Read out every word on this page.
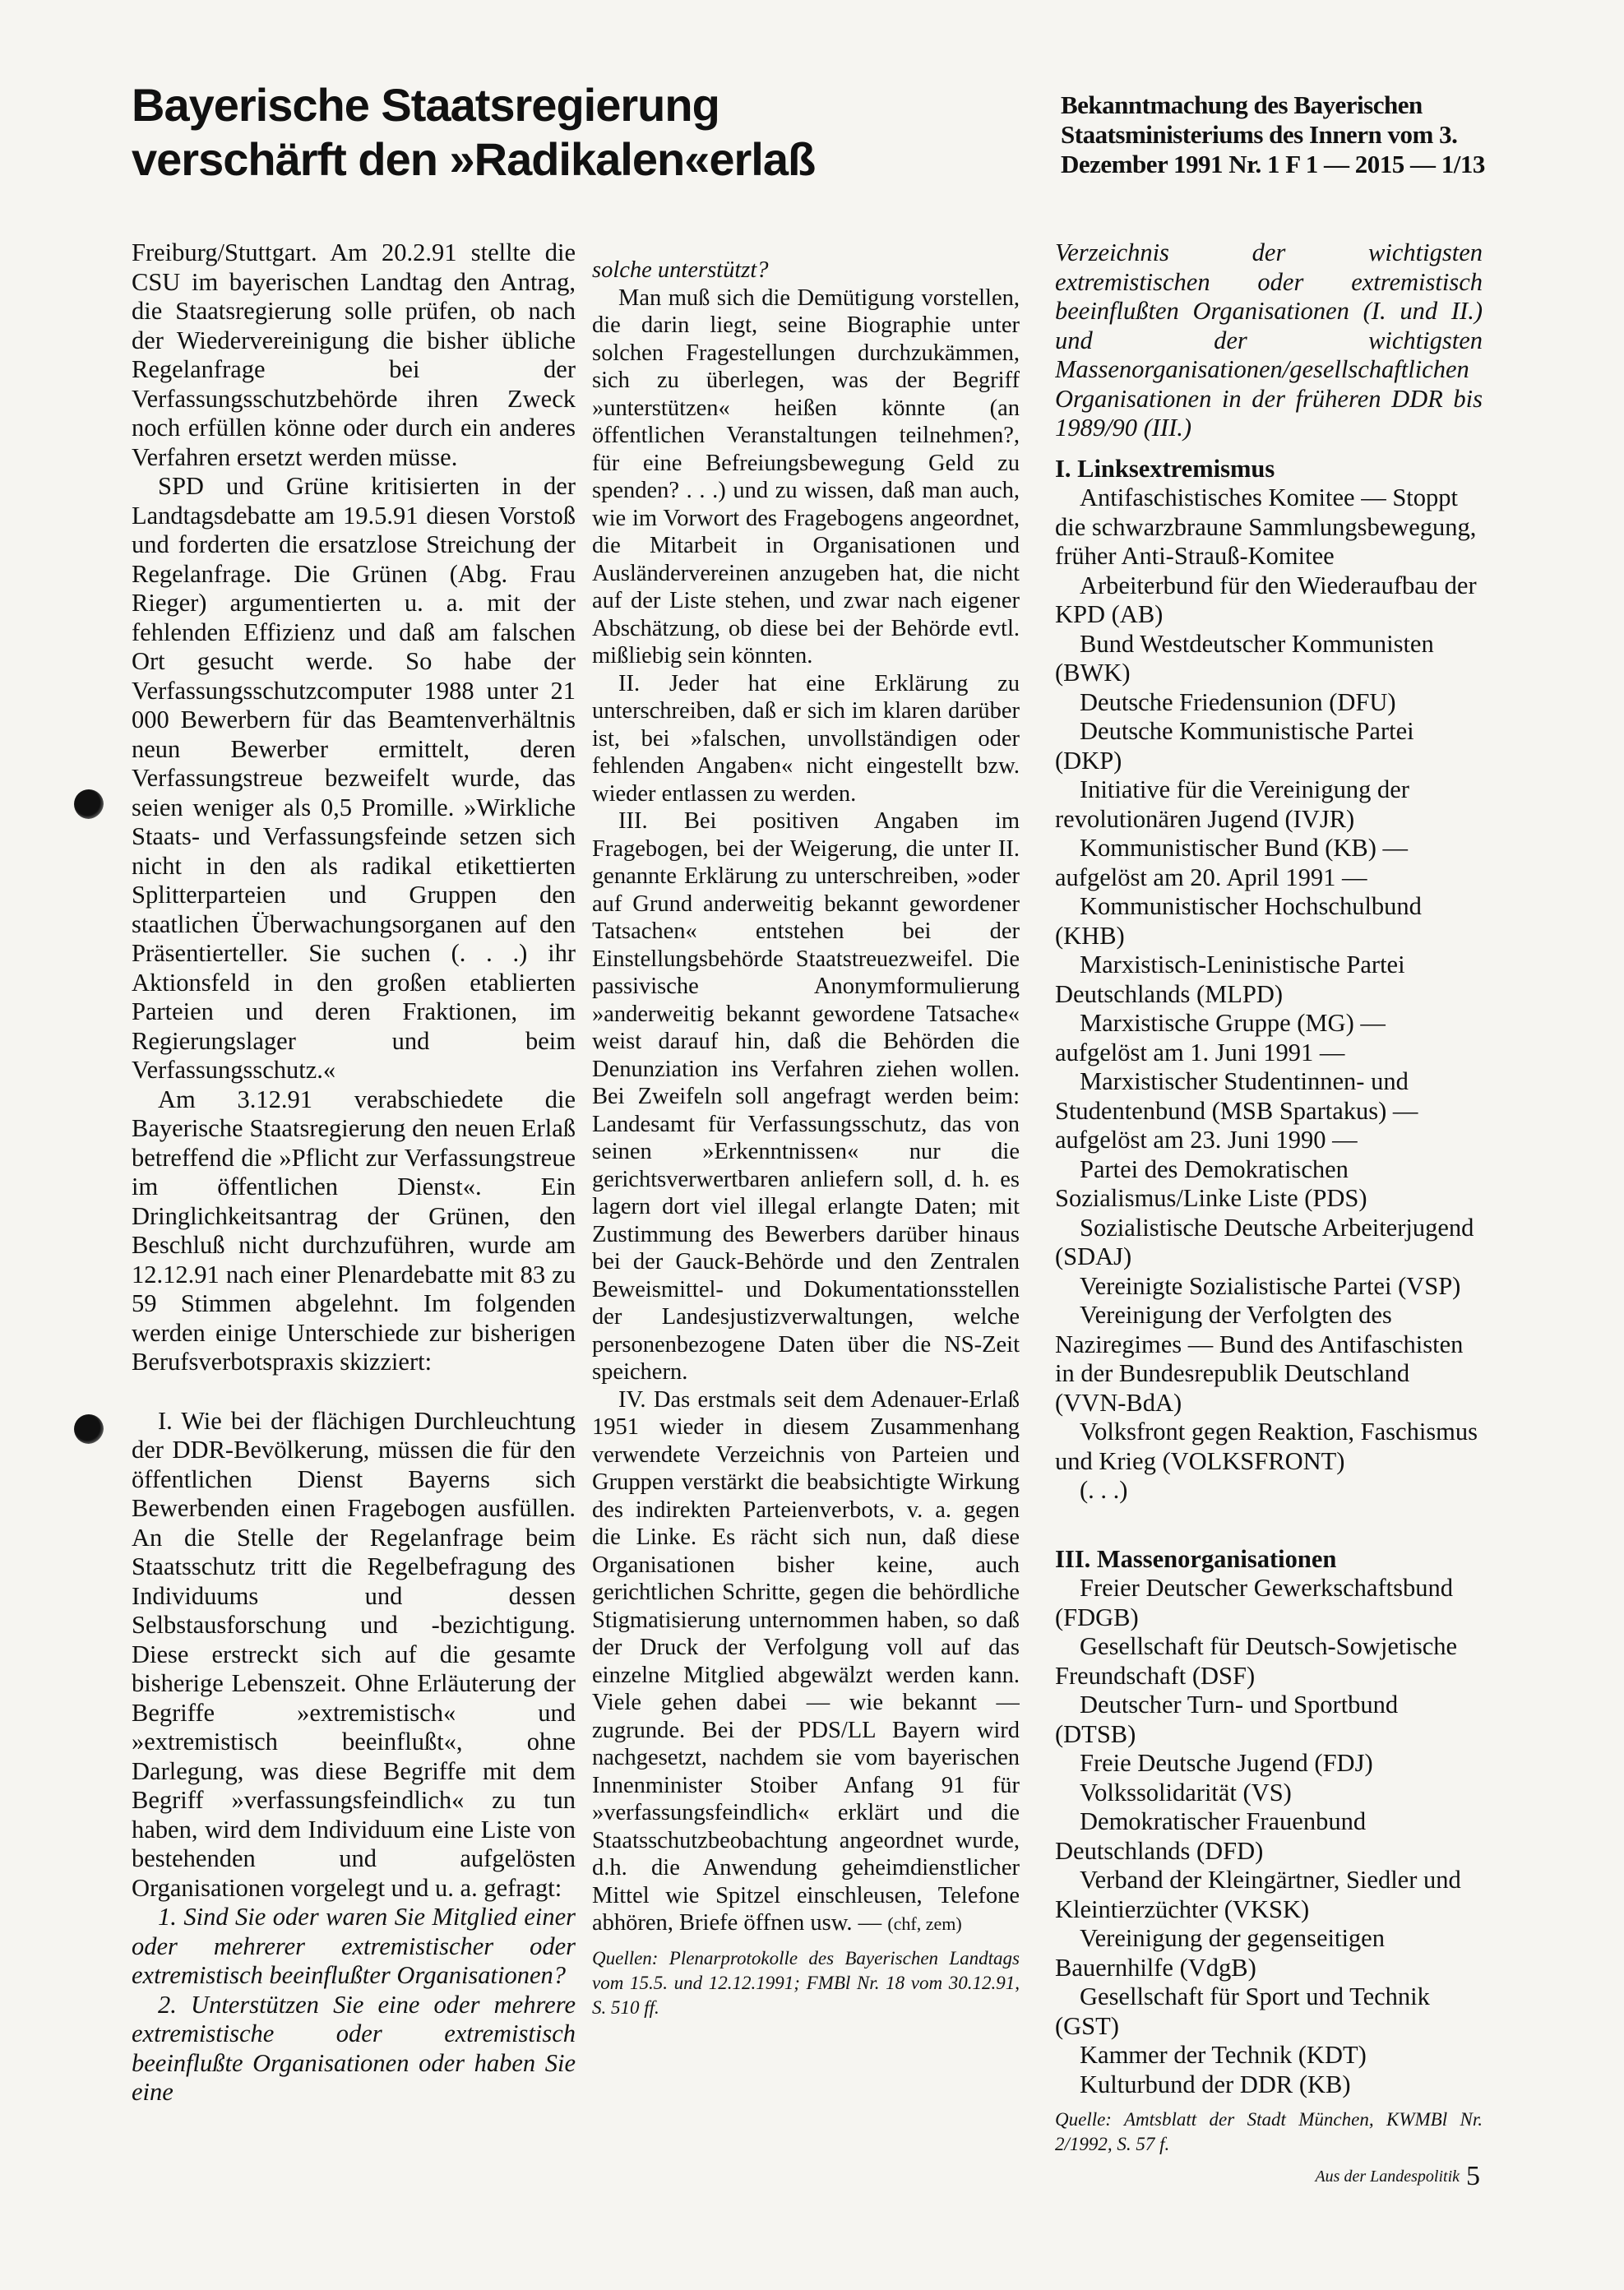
Bayerische Staatsregierung
verschärft den »Radikalen«erlaß
Bekanntmachung des Bayerischen Staatsministeriums des Innern vom 3. Dezember 1991 Nr. 1 F 1 — 2015 — 1/13

Freiburg/Stuttgart. Am 20.2.91 stellte die CSU im bayerischen Landtag den Antrag, die Staatsregierung solle prüfen, ob nach der Wiedervereinigung die bisher übliche Regelanfrage bei der Verfassungsschutzbehörde ihren Zweck noch erfüllen könne oder durch ein anderes Verfahren ersetzt werden müsse.

SPD und Grüne kritisierten in der Landtagsdebatte am 19.5.91 diesen Vorstoß und forderten die ersatzlose Streichung der Regelanfrage. Die Grünen (Abg. Frau Rieger) argumentierten u. a. mit der fehlenden Effizienz und daß am falschen Ort gesucht werde. So habe der Verfassungsschutzcomputer 1988 unter 21 000 Bewerbern für das Beamtenverhältnis neun Bewerber ermittelt, deren Verfassungstreue bezweifelt wurde, das seien weniger als 0,5 Promille. »Wirkliche Staats- und Verfassungsfeinde setzen sich nicht in den als radikal etikettierten Splitterparteien und Gruppen den staatlichen Überwachungsorganen auf den Präsentierteller. Sie suchen (. . .) ihr Aktionsfeld in den großen etablierten Parteien und deren Fraktionen, im Regierungslager und beim Verfassungsschutz.«

Am 3.12.91 verabschiedete die Bayerische Staatsregierung den neuen Erlaß betreffend die »Pflicht zur Verfassungstreue im öffentlichen Dienst«. Ein Dringlichkeitsantrag der Grünen, den Beschluß nicht durchzuführen, wurde am 12.12.91 nach einer Plenardebatte mit 83 zu 59 Stimmen abgelehnt. Im folgenden werden einige Unterschiede zur bisherigen Berufsverbotspraxis skizziert:

I. Wie bei der flächigen Durchleuchtung der DDR-Bevölkerung, müssen die für den öffentlichen Dienst Bayerns sich Bewerbenden einen Fragebogen ausfüllen. An die Stelle der Regelanfrage beim Staatsschutz tritt die Regelbefragung des Individuums und dessen Selbstausforschung und -bezichtigung. Diese erstreckt sich auf die gesamte bisherige Lebenszeit. Ohne Erläuterung der Begriffe »extremistisch« und »extremistisch beeinflußt«, ohne Darlegung, was diese Begriffe mit dem Begriff »verfassungsfeindlich« zu tun haben, wird dem Individuum eine Liste von bestehenden und aufgelösten Organisationen vorgelegt und u. a. gefragt:

1. Sind Sie oder waren Sie Mitglied einer oder mehrerer extremistischer oder extremistisch beeinflußter Organisationen?

2. Unterstützen Sie eine oder mehrere extremistische oder extremistisch beeinflußte Organisationen oder haben Sie eine

solche unterstützt?

Man muß sich die Demütigung vorstellen, die darin liegt, seine Biographie unter solchen Fragestellungen durchzukämmen, sich zu überlegen, was der Begriff »unterstützen« heißen könnte (an öffentlichen Veranstaltungen teilnehmen?, für eine Befreiungsbewegung Geld zu spenden? . . .) und zu wissen, daß man auch, wie im Vorwort des Fragebogens angeordnet, die Mitarbeit in Organisationen und Ausländervereinen anzugeben hat, die nicht auf der Liste stehen, und zwar nach eigener Abschätzung, ob diese bei der Behörde evtl. mißliebig sein könnten.

II. Jeder hat eine Erklärung zu unterschreiben, daß er sich im klaren darüber ist, bei »falschen, unvollständigen oder fehlenden Angaben« nicht eingestellt bzw. wieder entlassen zu werden.

III. Bei positiven Angaben im Fragebogen, bei der Weigerung, die unter II. genannte Erklärung zu unterschreiben, »oder auf Grund anderweitig bekannt gewordener Tatsachen« entstehen bei der Einstellungsbehörde Staatstreuezweifel. Die passivische Anonymformulierung »anderweitig bekannt gewordene Tatsache« weist darauf hin, daß die Behörden die Denunziation ins Verfahren ziehen wollen. Bei Zweifeln soll angefragt werden beim: Landesamt für Verfassungsschutz, das von seinen »Erkenntnissen« nur die gerichtsverwertbaren anliefern soll, d. h. es lagern dort viel illegal erlangte Daten; mit Zustimmung des Bewerbers darüber hinaus bei der Gauck-Behörde und den Zentralen Beweismittel- und Dokumentationsstellen der Landesjustizverwaltungen, welche personenbezogene Daten über die NS-Zeit speichern.

IV. Das erstmals seit dem Adenauer-Erlaß 1951 wieder in diesem Zusammenhang verwendete Verzeichnis von Parteien und Gruppen verstärkt die beabsichtigte Wirkung des indirekten Parteienverbots, v. a. gegen die Linke. Es rächt sich nun, daß diese Organisationen bisher keine, auch gerichtlichen Schritte, gegen die behördliche Stigmatisierung unternommen haben, so daß der Druck der Verfolgung voll auf das einzelne Mitglied abgewälzt werden kann. Viele gehen dabei — wie bekannt — zugrunde. Bei der PDS/LL Bayern wird nachgesetzt, nachdem sie vom bayerischen Innenminister Stoiber Anfang 91 für »verfassungsfeindlich« erklärt und die Staatsschutzbeobachtung angeordnet wurde, d.h. die Anwendung geheimdienstlicher Mittel wie Spitzel einschleusen, Telefone abhören, Briefe öffnen usw. — (chf, zem)

Quellen: Plenarprotokolle des Bayerischen Landtags vom 15.5. und 12.12.1991; FMBl Nr. 18 vom 30.12.91, S. 510 ff.

Verzeichnis der wichtigsten extremistischen oder extremistisch beeinflußten Organisationen (I. und II.) und der wichtigsten Massenorganisationen/gesellschaftlichen Organisationen in der früheren DDR bis 1989/90 (III.)

I. Linksextremismus

Antifaschistisches Komitee — Stoppt die schwarzbraune Sammlungsbewegung, früher Anti-Strauß-Komitee

Arbeiterbund für den Wiederaufbau der KPD (AB)

Bund Westdeutscher Kommunisten (BWK)

Deutsche Friedensunion (DFU)

Deutsche Kommunistische Partei (DKP)

Initiative für die Vereinigung der revolutionären Jugend (IVJR)

Kommunistischer Bund (KB) — aufgelöst am 20. April 1991 —

Kommunistischer Hochschulbund (KHB)

Marxistisch-Leninistische Partei Deutschlands (MLPD)

Marxistische Gruppe (MG) — aufgelöst am 1. Juni 1991 —

Marxistischer Studentinnen- und Studentenbund (MSB Spartakus) — aufgelöst am 23. Juni 1990 —

Partei des Demokratischen Sozialismus/Linke Liste (PDS)

Sozialistische Deutsche Arbeiterjugend (SDAJ)

Vereinigte Sozialistische Partei (VSP)

Vereinigung der Verfolgten des Naziregimes — Bund des Antifaschisten in der Bundesrepublik Deutschland (VVN-BdA)

Volksfront gegen Reaktion, Faschismus und Krieg (VOLKSFRONT)

(. . .)

III. Massenorganisationen

Freier Deutscher Gewerkschaftsbund (FDGB)

Gesellschaft für Deutsch-Sowjetische Freundschaft (DSF)

Deutscher Turn- und Sportbund (DTSB)

Freie Deutsche Jugend (FDJ)

Volkssolidarität (VS)

Demokratischer Frauenbund Deutschlands (DFD)

Verband der Kleingärtner, Siedler und Kleintierzüchter (VKSK)

Vereinigung der gegenseitigen Bauernhilfe (VdgB)

Gesellschaft für Sport und Technik (GST)

Kammer der Technik (KDT)

Kulturbund der DDR (KB)

Quelle: Amtsblatt der Stadt München, KWMBl Nr. 2/1992, S. 57 f.

Aus der Landespolitik 5
